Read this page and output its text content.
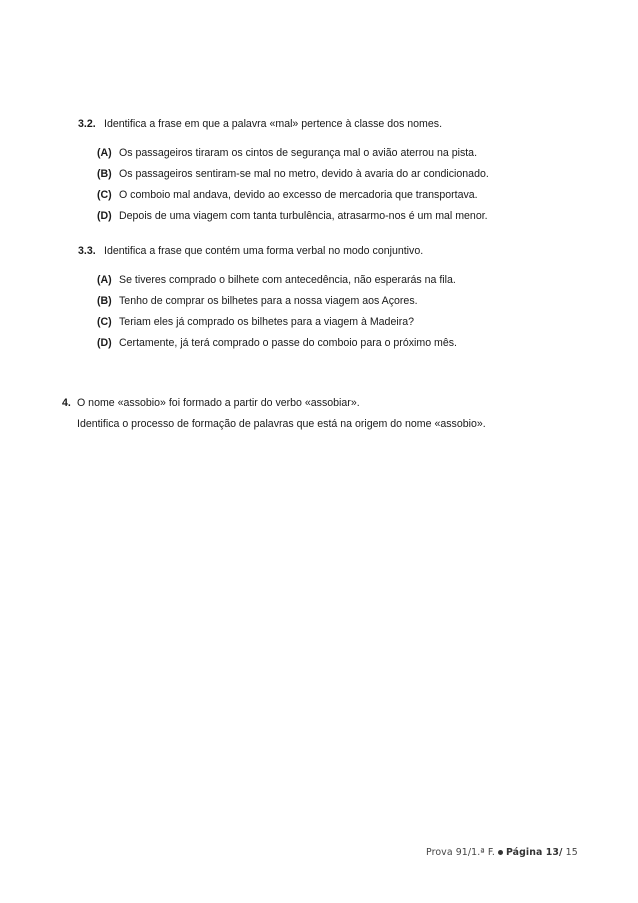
3.2. Identifica a frase em que a palavra «mal» pertence à classe dos nomes.
(A) Os passageiros tiraram os cintos de segurança mal o avião aterrou na pista.
(B) Os passageiros sentiram-se mal no metro, devido à avaria do ar condicionado.
(C) O comboio mal andava, devido ao excesso de mercadoria que transportava.
(D) Depois de uma viagem com tanta turbulência, atrasarmo-nos é um mal menor.
3.3. Identifica a frase que contém uma forma verbal no modo conjuntivo.
(A) Se tiveres comprado o bilhete com antecedência, não esperarás na fila.
(B) Tenho de comprar os bilhetes para a nossa viagem aos Açores.
(C) Teriam eles já comprado os bilhetes para a viagem à Madeira?
(D) Certamente, já terá comprado o passe do comboio para o próximo mês.
4. O nome «assobio» foi formado a partir do verbo «assobiar».
Identifica o processo de formação de palavras que está na origem do nome «assobio».
Prova 91/1.ª F. Página 13/ 15
